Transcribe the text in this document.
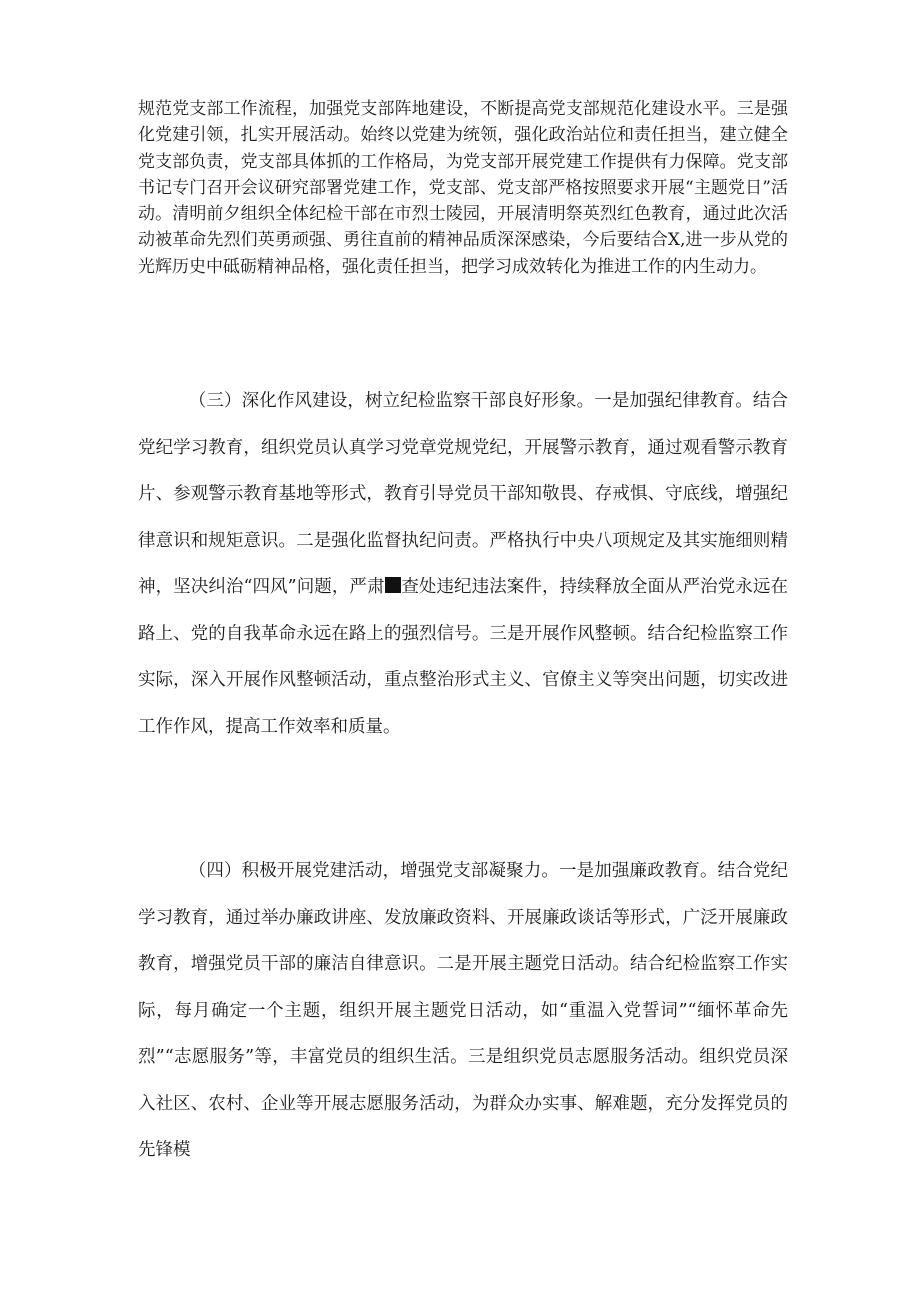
规范党支部工作流程，加强党支部阵地建设，不断提高党支部规范化建设水平。三是强化党建引领，扎实开展活动。始终以党建为统领，强化政治站位和责任担当，建立健全党支部负责，党支部具体抓的工作格局，为党支部开展党建工作提供有力保障。党支部书记专门召开会议研究部署党建工作，党支部、党支部严格按照要求开展“主题党日”活动。清明前夕组织全体纪检干部在市烈士陵园，开展清明祭英烈红色教育，通过此次活动被革命先烈们英勇顽强、勇往直前的精神品质深深感染，今后要结合X,进一步从党的光辉历史中砥砺精神品格，强化责任担当，把学习成效转化为推进工作的内生动力。

（三）深化作风建设，树立纪检监察干部良好形象。一是加强纪律教育。结合党纪学习教育，组织党员认真学习党章党规党纪，开展警示教育，通过观看警示教育片、参观警示教育基地等形式，教育引导党员干部知敬畏、存戒惧、守底线，增强纪律意识和规矩意识。二是强化监督执纪问责。严格执行中央八项规定及其实施细则精神，坚决纠治“四风”问题，严肃 查处违纪违法案件，持续释放全面从严治党永远在路上、党的自我革命永远在路上的强烈信号。三是开展作风整顿。结合纪检监察工作实际，深入开展作风整顿活动，重点整治形式主义、官僚主义等突出问题，切实改进工作作风，提高工作效率和质量。

（四）积极开展党建活动，增强党支部凝聚力。一是加强廉政教育。结合党纪学习教育，通过举办廉政讲座、发放廉政资料、开展廉政谈话等形式，广泛开展廉政教育，增强党员干部的廉洁自律意识。二是开展主题党日活动。结合纪检监察工作实际，每月确定一个主题，组织开展主题党日活动，如“重温入党誓词”“缅怀革命先烈”“志愿服务”等，丰富党员的组织生活。三是组织党员志愿服务活动。组织党员深入社区、农村、企业等开展志愿服务活动，为群众办实事、解难题，充分发挥党员的先锋模
